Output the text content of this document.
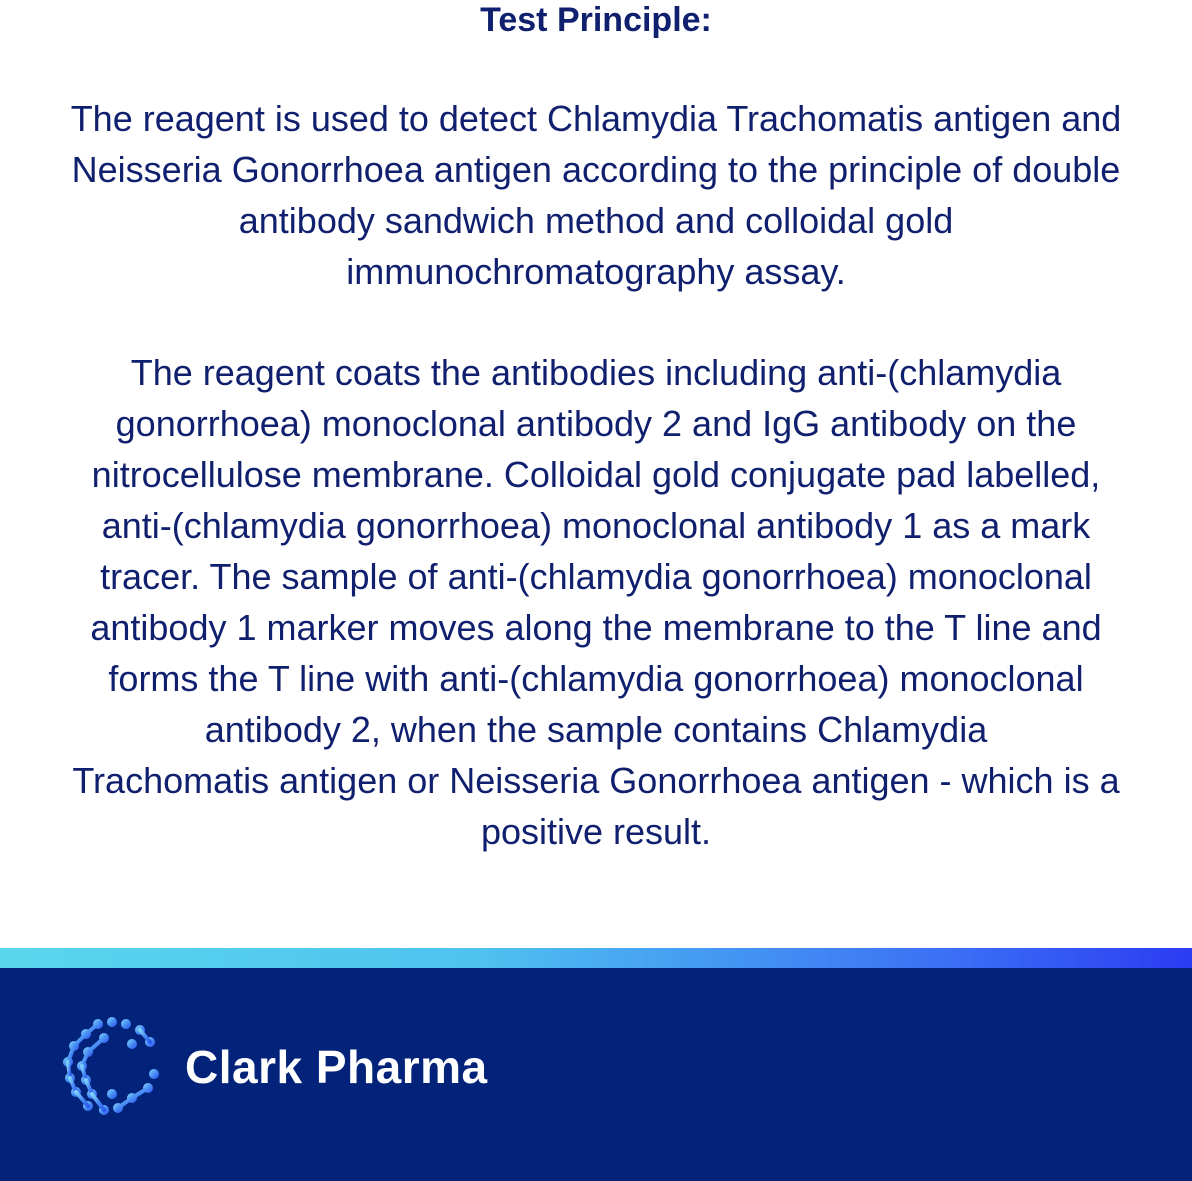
Test Principle:
The reagent is used to detect Chlamydia Trachomatis antigen and
Neisseria Gonorrhoea antigen according to the principle of double
antibody sandwich method and colloidal gold
immunochromatography assay.
The reagent coats the antibodies including anti-(chlamydia
gonorrhoea) monoclonal antibody 2 and IgG antibody on the
nitrocellulose membrane. Colloidal gold conjugate pad labelled,
anti-(chlamydia gonorrhoea) monoclonal antibody 1 as a mark
tracer. The sample of anti-(chlamydia gonorrhoea) monoclonal
antibody 1 marker moves along the membrane to the T line and
forms the T line with anti-(chlamydia gonorrhoea) monoclonal
antibody 2, when the sample contains Chlamydia
Trachomatis antigen or Neisseria Gonorrhoea antigen - which is a
positive result.
Clark Pharma
